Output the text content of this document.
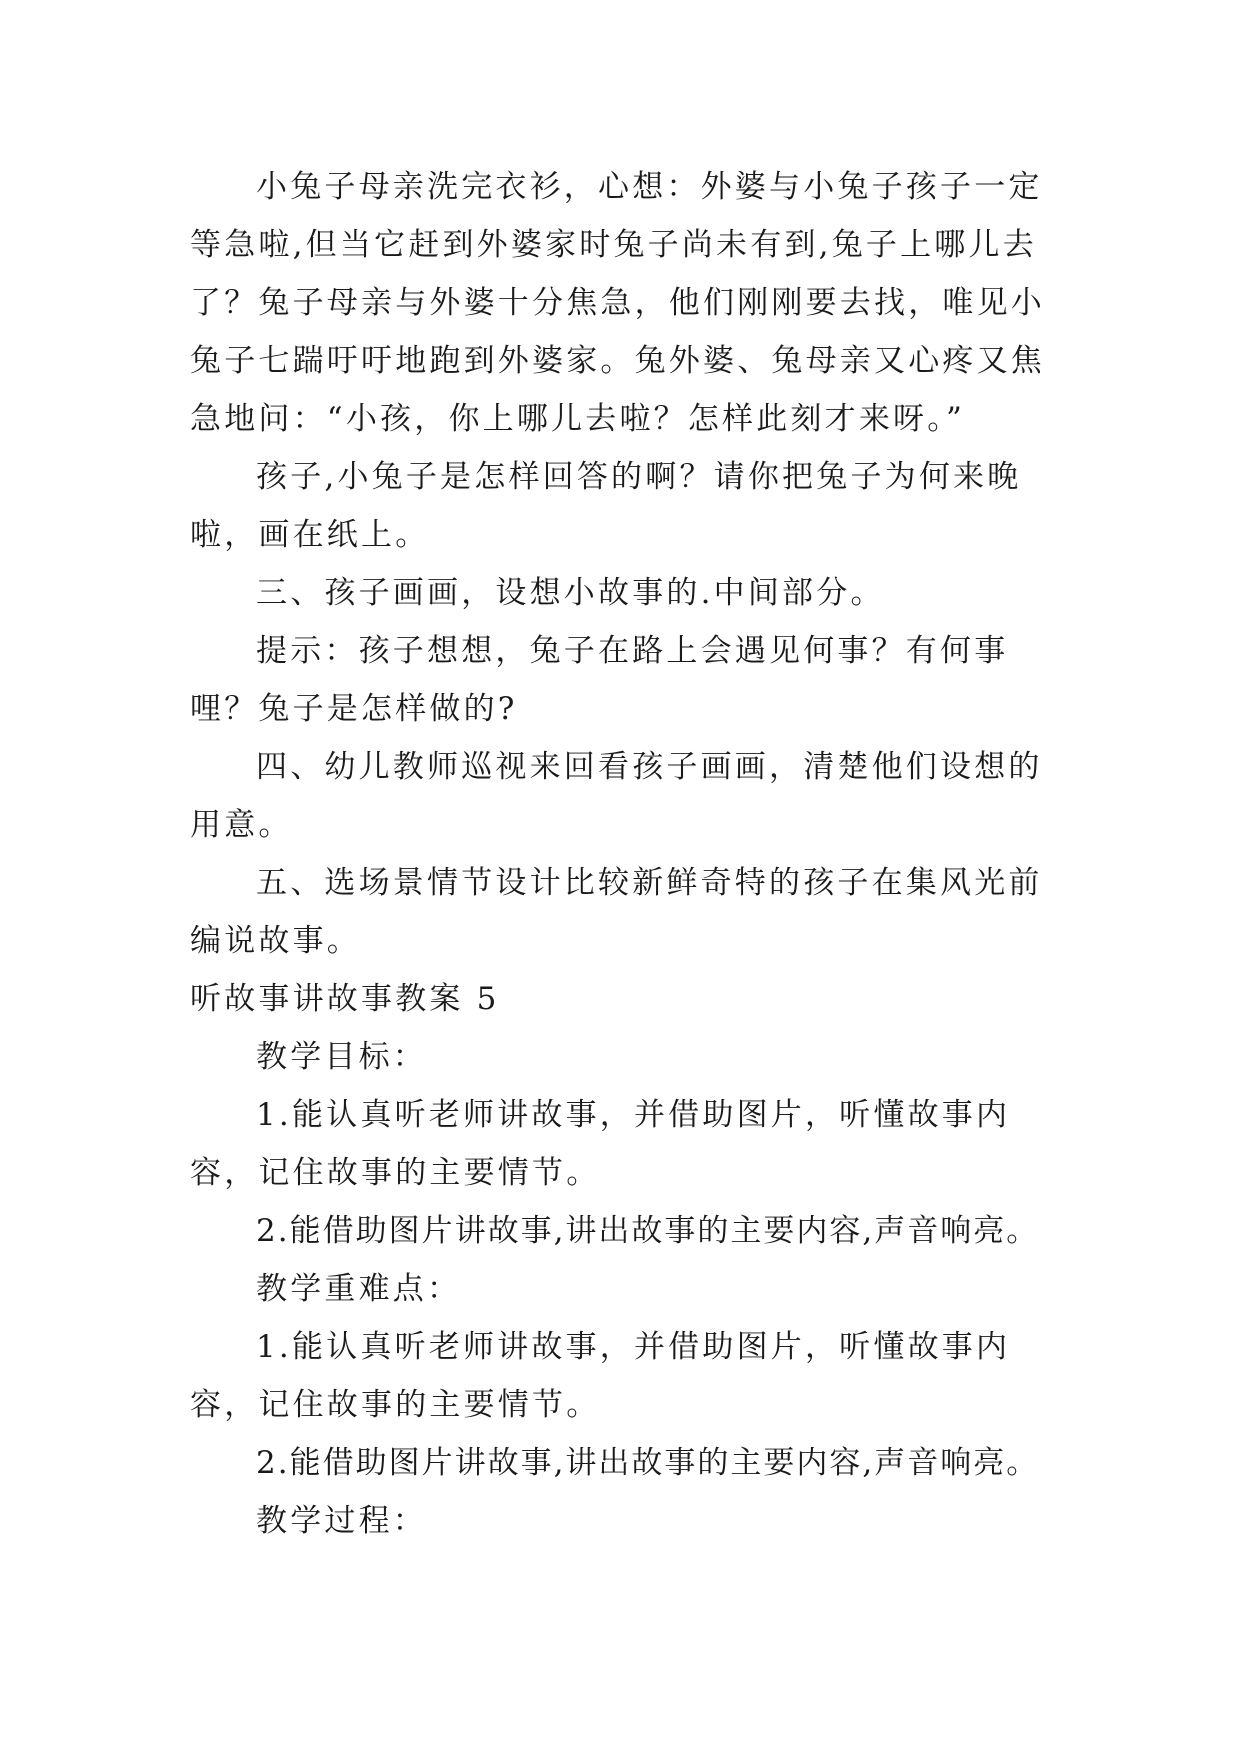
小兔子母亲洗完衣衫，心想：外婆与小兔子孩子一定等急啦,但当它赶到外婆家时兔子尚未有到,兔子上哪儿去了？兔子母亲与外婆十分焦急，他们刚刚要去找，唯见小兔子七踹吁吁地跑到外婆家。兔外婆、兔母亲又心疼又焦急地问：“小孩，你上哪儿去啦？怎样此刻才来呀。”

孩子,小兔子是怎样回答的啊？请你把兔子为何来晚啦，画在纸上。

三、孩子画画，设想小故事的.中间部分。

提示：孩子想想，兔子在路上会遇见何事？有何事哩？兔子是怎样做的?

四、幼儿教师巡视来回看孩子画画，清楚他们设想的用意。

五、选场景情节设计比较新鲜奇特的孩子在集风光前编说故事。

听故事讲故事教案 5

教学目标：

1.能认真听老师讲故事，并借助图片，听懂故事内容，记住故事的主要情节。

2.能借助图片讲故事,讲出故事的主要内容,声音响亮。

教学重难点：

1.能认真听老师讲故事，并借助图片，听懂故事内容，记住故事的主要情节。

2.能借助图片讲故事,讲出故事的主要内容,声音响亮。

教学过程：
